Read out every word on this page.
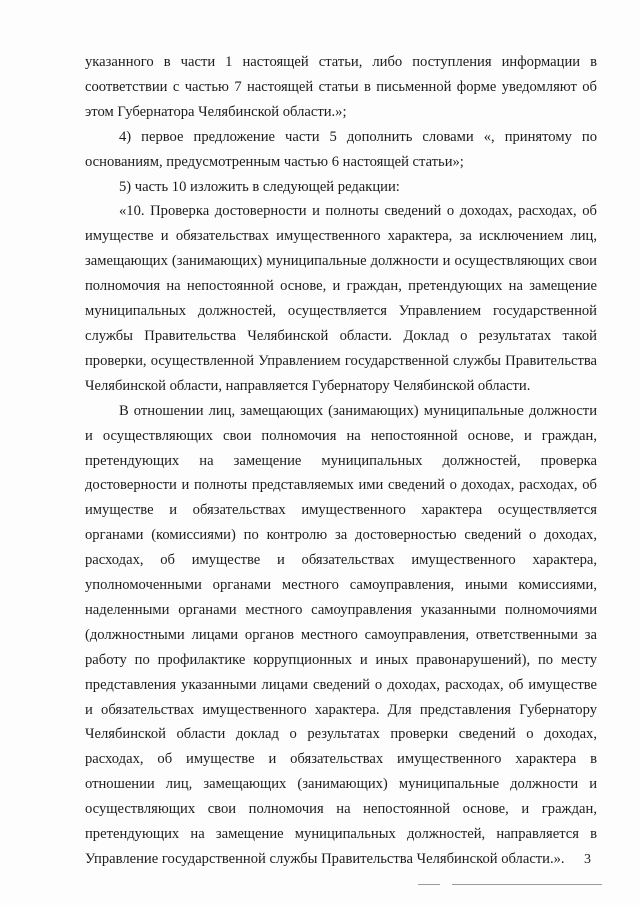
указанного в части 1 настоящей статьи, либо поступления информации в соответствии с частью 7 настоящей статьи в письменной форме уведомляют об этом Губернатора Челябинской области.»;

4) первое предложение части 5 дополнить словами «, принятому по основаниям, предусмотренным частью 6 настоящей статьи»;

5) часть 10 изложить в следующей редакции:

«10. Проверка достоверности и полноты сведений о доходах, расходах, об имуществе и обязательствах имущественного характера, за исключением лиц, замещающих (занимающих) муниципальные должности и осуществляющих свои полномочия на непостоянной основе, и граждан, претендующих на замещение муниципальных должностей, осуществляется Управлением государственной службы Правительства Челябинской области. Доклад о результатах такой проверки, осуществленной Управлением государственной службы Правительства Челябинской области, направляется Губернатору Челябинской области.

В отношении лиц, замещающих (занимающих) муниципальные должности и осуществляющих свои полномочия на непостоянной основе, и граждан, претендующих на замещение муниципальных должностей, проверка достоверности и полноты представляемых ими сведений о доходах, расходах, об имуществе и обязательствах имущественного характера осуществляется органами (комиссиями) по контролю за достоверностью сведений о доходах, расходах, об имуществе и обязательствах имущественного характера, уполномоченными органами местного самоуправления, иными комиссиями, наделенными органами местного самоуправления указанными полномочиями (должностными лицами органов местного самоуправления, ответственными за работу по профилактике коррупционных и иных правонарушений), по месту представления указанными лицами сведений о доходах, расходах, об имуществе и обязательствах имущественного характера. Для представления Губернатору Челябинской области доклад о результатах проверки сведений о доходах, расходах, об имуществе и обязательствах имущественного характера в отношении лиц, замещающих (занимающих) муниципальные должности и осуществляющих свои полномочия на непостоянной основе, и граждан, претендующих на замещение муниципальных должностей, направляется в Управление государственной службы Правительства Челябинской области.».	3
